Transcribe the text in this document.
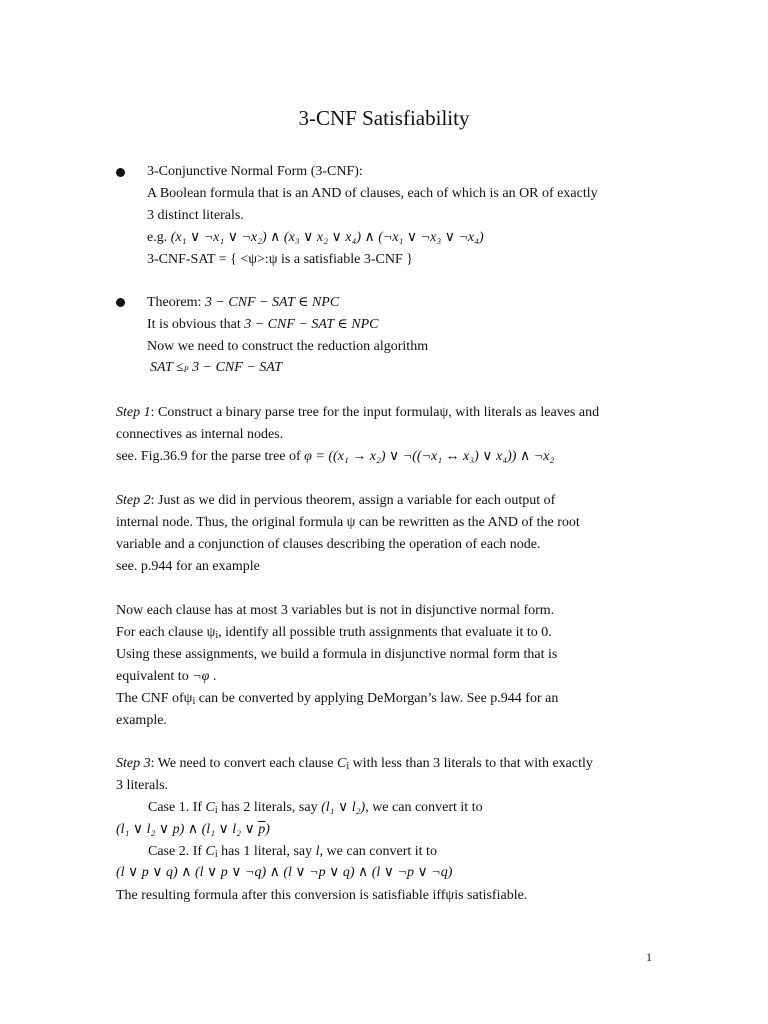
3-CNF Satisfiability
3-Conjunctive Normal Form (3-CNF):
A Boolean formula that is an AND of clauses, each of which is an OR of exactly
3 distinct literals.
e.g. (x₁ ∨ ¬x₁ ∨ ¬x₂) ∧ (x₃ ∨ x₂ ∨ x₄) ∧ (¬x₁ ∨ ¬x₃ ∨ ¬x₄)
3-CNF-SAT = { <ψ>:ψ is a satisfiable 3-CNF }
Theorem: 3 − CNF − SAT ∈ NPC
It is obvious that 3 − CNF − SAT ∈ NPC
Now we need to construct the reduction algorithm
SAT ≤P 3 − CNF − SAT
Step 1: Construct a binary parse tree for the input formulaψ, with literals as leaves and
connectives as internal nodes.
see. Fig.36.9 for the parse tree of φ = ((x₁ → x₂) ∨ ¬((¬x₁ ↔ x₃) ∨ x₄)) ∧ ¬x₂
Step 2: Just as we did in pervious theorem, assign a variable for each output of
internal node. Thus, the original formula ψ can be rewritten as the AND of the root
variable and a conjunction of clauses describing the operation of each node.
see. p.944 for an example
Now each clause has at most 3 variables but is not in disjunctive normal form.
For each clause $\psi_i$, identify all possible truth assignments that evaluate it to 0.
Using these assignments, we build a formula in disjunctive normal form that is
equivalent to ¬φ .
The CNF ofψ$_i$ can be converted by applying DeMorgan’s law. See p.944 for an
example.
Step 3: We need to convert each clause $C_i$ with less than 3 literals to that with exactly
3 literals.
Case 1. If $C_i$ has 2 literals, say (l₁ ∨ l₂), we can convert it to
(l₁ ∨ l₂ ∨ p) ∧ (l₁ ∨ l₂ ∨ $\overline{p}$)
Case 2. If $C_i$ has 1 literal, say l, we can convert it to
(l ∨ p ∨ q) ∧ (l ∨ p ∨ ¬q) ∧ (l ∨ ¬p ∨ q) ∧ (l ∨ ¬p ∨ ¬q)
The resulting formula after this conversion is satisfiable iffψis satisfiable.
1
